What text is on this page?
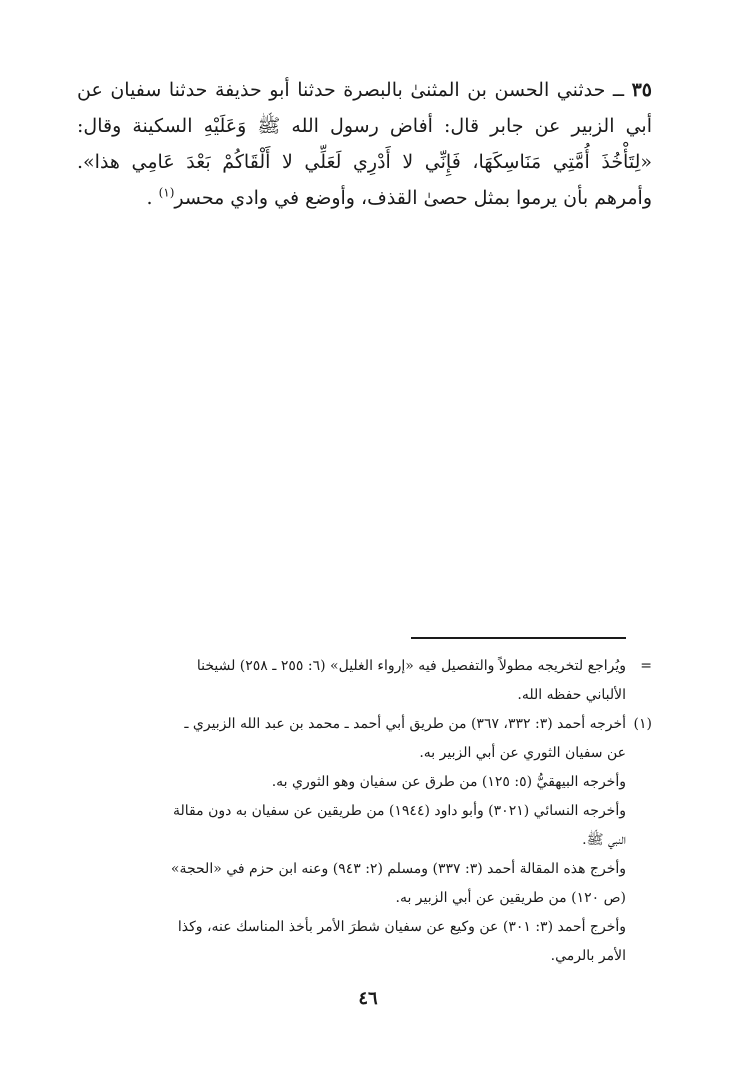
٣٥ ــ حدثني الحسن بن المثنىٰ بالبصرة حدثنا أبو حذيفة حدثنا سفيان عن أبي الزبير عن جابر قال: أفاض رسول الله ﷺ وَعَلَيْهِ السكينة وقال: «لِتَأْخُذَ أُمَّتِي مَنَاسِكَهَا، فَإِنِّي لا أَدْرِي لَعَلِّي لا أَلْقَاكُمْ بَعْدَ عَامِي هذا». وأمرهم بأن يرموا بمثل حصىٰ القذف، وأوضع في وادي محسر$^{(١)}$ .

=
ويُراجع لتخريجه مطولاً والتفصيل فيه «إرواء الغليل» (٦: ٢٥٥ ـ ٢٥٨) لشيخنا
الألباني حفظه الله.
(١)
أخرجه أحمد (٣: ٣٣٢، ٣٦٧) من طريق أبي أحمد ـ محمد بن عبد الله الزبيري ـ
عن سفيان الثوري عن أبي الزبير به.
وأخرجه البيهقيُّ (٥: ١٢٥) من طرق عن سفيان وهو الثوري به.
وأخرجه النسائي (٣٠٢١) وأبو داود (١٩٤٤) من طريقين عن سفيان به دون مقالة
النبي ﷺ.
وأخرج هذه المقالة أحمد (٣: ٣٣٧) ومسلم (٢: ٩٤٣) وعنه ابن حزم في «الحجة»
(ص ١٢٠) من طريقين عن أبي الزبير به.
وأخرج أحمد (٣: ٣٠١) عن وكيع عن سفيان شطرَ الأمر بأخذ المناسك عنه، وكذا
الأمر بالرمي.
٤٦
